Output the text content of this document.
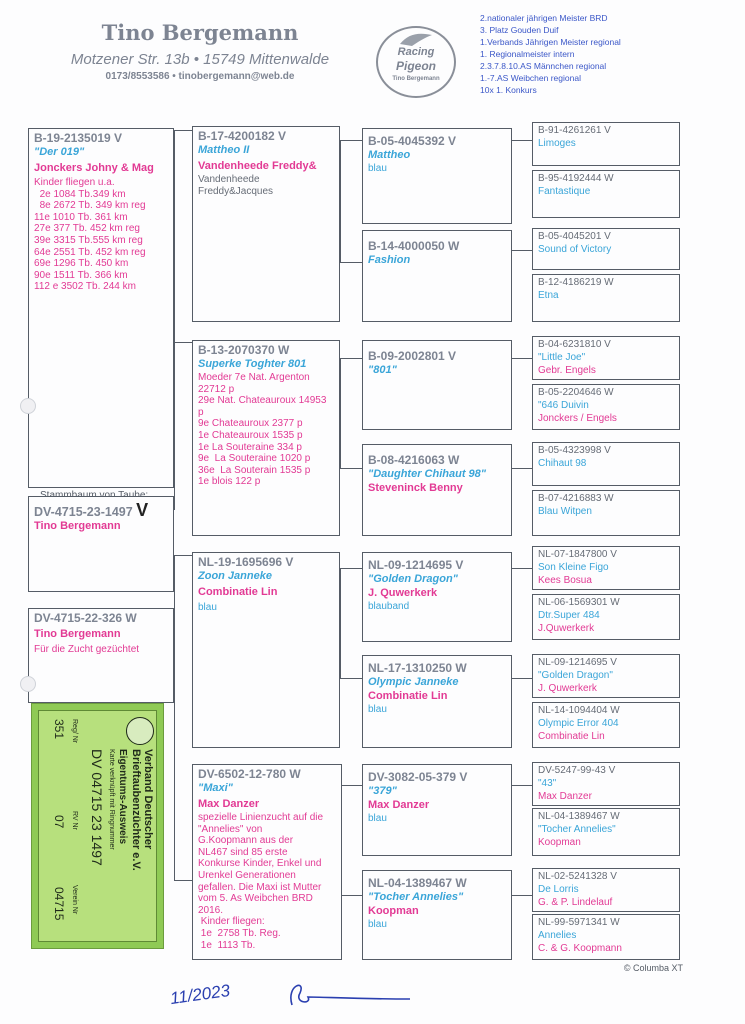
Tino Bergemann
Motzener Str. 13b • 15749 Mittenwalde
0173/8553586 • tinobergemann@web.de
Racing
Pigeon
Tino Bergemann
2.nationaler jährigen Meister BRD
3. Platz Gouden Duif
1.Verbands Jährigen Meister regional
1. Regionalmeister intern
2.3.7.8.10.AS Männchen regional
1.-7.AS Weibchen regional
10x 1. Konkurs
B-19-2135019 V
"Der 019"
Jonckers Johny & Mag
Kinder fliegen u.a.
2e 1084 Tb.349 km
8e 2672 Tb. 349 km reg
11e 1010 Tb. 361 km
27e 377 Tb. 452 km reg
39e 3315 Tb.555 km reg
64e 2551 Tb. 452 km reg
69e 1296 Tb. 450 km
90e 1511 Tb. 366 km
112 e 3502 Tb. 244 km
DV-4715-23-1497 V
Tino Bergemann
DV-4715-22-326 W
Tino Bergemann
Für die Zucht gezüchtet
B-17-4200182 V
Mattheo II
Vandenheede Freddy&
Vandenheede
Freddy&Jacques
B-13-2070370 W
Superke Toghter 801
Moeder 7e Nat. Argenton
22712 p
29e Nat. Chateauroux 14953
p
9e Chateauroux 2377 p
1e Chateauroux 1535 p
1e La Souteraine 334 p
9e  La Souteraine 1020 p
36e  La Souterain 1535 p
1e blois 122 p
NL-19-1695696 V
Zoon Janneke
Combinatie Lin
blau
DV-6502-12-780 W
"Maxi"
Max Danzer
spezielle Linienzucht auf die
"Annelies" von
G.Koopmann aus der
NL467 sind 85 erste
Konkurse Kinder, Enkel und
Urenkel Generationen
gefallen. Die Maxi ist Mutter
vom 5. As Weibchen BRD
2016.
Kinder fliegen:
1e  2758 Tb. Reg.
1e  1113 Tb.
B-05-4045392 V
Mattheo
blau
B-14-4000050 W
Fashion
B-09-2002801 V
"801"
B-08-4216063 W
"Daughter Chihaut 98"
Steveninck Benny
NL-09-1214695 V
"Golden Dragon"
J. Quwerkerk
blauband
NL-17-1310250 W
Olympic Janneke
Combinatie Lin
blau
DV-3082-05-379 V
"379"
Max Danzer
blau
NL-04-1389467 W
"Tocher Annelies"
Koopman
blau
B-91-4261261 V
Limoges
B-95-4192444 W
Fantastique
B-05-4045201 V
Sound of Victory
B-12-4186219 W
Etna
B-04-6231810 V
"Little Joe"
Gebr. Engels
B-05-2204646 W
"646 Duivin
Jonckers / Engels
B-05-4323998 V
Chihaut 98
B-07-4216883 W
Blau Witpen
NL-07-1847800 V
Son Kleine Figo
Kees Bosua
NL-06-1569301 W
Dtr.Super 484
J.Quwerkerk
NL-09-1214695 V
"Golden Dragon"
J. Quwerkerk
NL-14-1094404 W
Olympic Error 404
Combinatie Lin
DV-5247-99-43 V
"43"
Max Danzer
NL-04-1389467 W
"Tocher Annelies"
Koopman
NL-02-5241328 V
De Lorris
G. & P. Lindelauf
NL-99-5971341 W
Annelies
C. & G. Koopmann
Verband Deutscher Brieftaubenzüchter e.V.
Eigentums-Ausweis
Karte verknüpft mit Ringnummer
DV 04715 23 1497
Reg/ Nr
RV Nr
Verein Nr
351
07
04715
© Columba XT
11/2023
